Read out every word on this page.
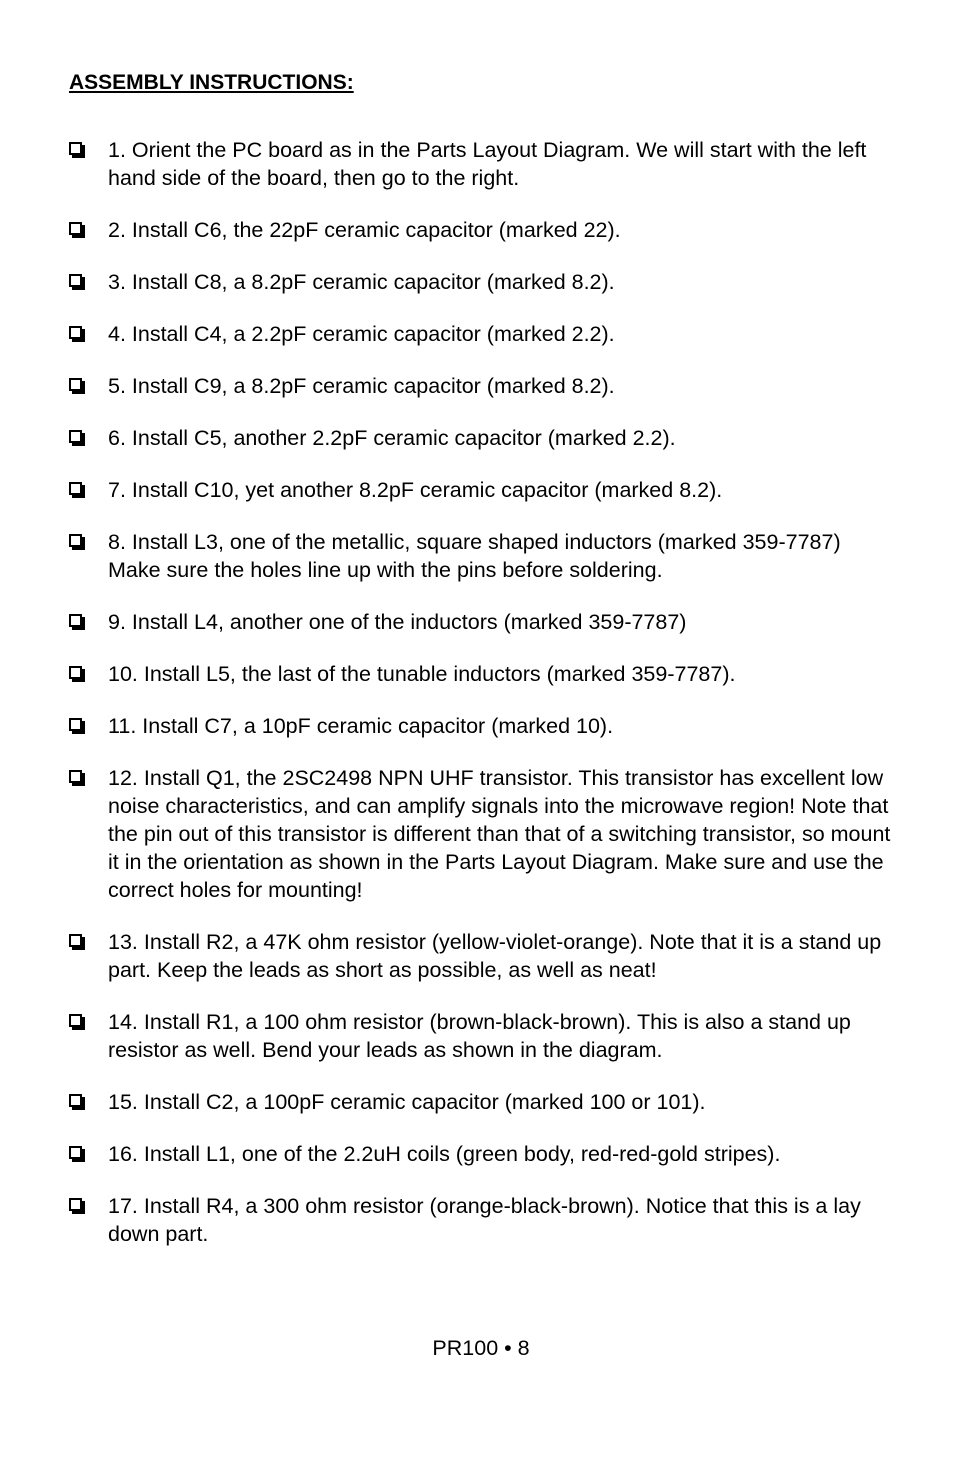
ASSEMBLY INSTRUCTIONS:
1. Orient the PC board as in the Parts Layout Diagram. We will start with the left hand side of the board, then go to the right.
2. Install C6, the 22pF ceramic capacitor (marked 22).
3. Install C8, a 8.2pF ceramic capacitor (marked 8.2).
4. Install C4, a 2.2pF ceramic capacitor (marked 2.2).
5. Install C9, a 8.2pF ceramic capacitor (marked 8.2).
6. Install C5, another 2.2pF ceramic capacitor (marked 2.2).
7. Install C10, yet another 8.2pF ceramic capacitor (marked 8.2).
8. Install L3, one of the metallic, square shaped inductors (marked 359-7787) Make sure the holes line up with the pins before soldering.
9. Install L4, another one of the inductors (marked 359-7787)
10. Install L5, the last of the tunable inductors (marked 359-7787).
11. Install C7, a 10pF ceramic capacitor (marked 10).
12. Install Q1, the 2SC2498 NPN UHF transistor. This transistor has excellent low noise characteristics, and can amplify signals into the microwave region! Note that the pin out of this transistor is different than that of a switching transistor, so mount it in the orientation as shown in the Parts Layout Diagram. Make sure and use the correct holes for mounting!
13. Install R2, a 47K ohm resistor (yellow-violet-orange). Note that it is a stand up part. Keep the leads as short as possible, as well as neat!
14. Install R1, a 100 ohm resistor (brown-black-brown). This is also a stand up resistor as well. Bend your leads as shown in the diagram.
15. Install C2, a 100pF ceramic capacitor (marked 100 or 101).
16. Install L1, one of the 2.2uH coils (green body, red-red-gold stripes).
17. Install R4, a 300 ohm resistor (orange-black-brown). Notice that this is a lay down part.
PR100 • 8
